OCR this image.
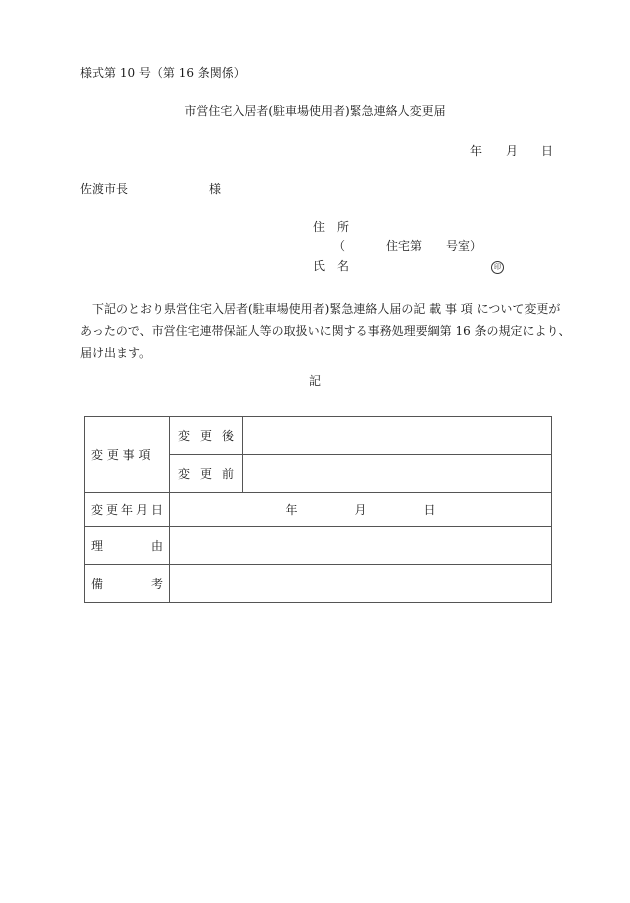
様式第 10 号（第 16 条関係）
市営住宅入居者(駐車場使用者)緊急連絡人変更届
年 月 日
佐渡市長	様
住　所
（	住宅第 号室）
氏　名	印

下記のとおり県営住宅入居者(駐車場使用者)緊急連絡人届の記 載 事 項 について変更が

あったので、市営住宅連帯保証人等の取扱いに関する事務処理要綱第 16 条の規定により、

届け出ます。

記
変 更 事 項	変更後	

	変更前	

変更年月日	年 月 日	

理由		

備考		
